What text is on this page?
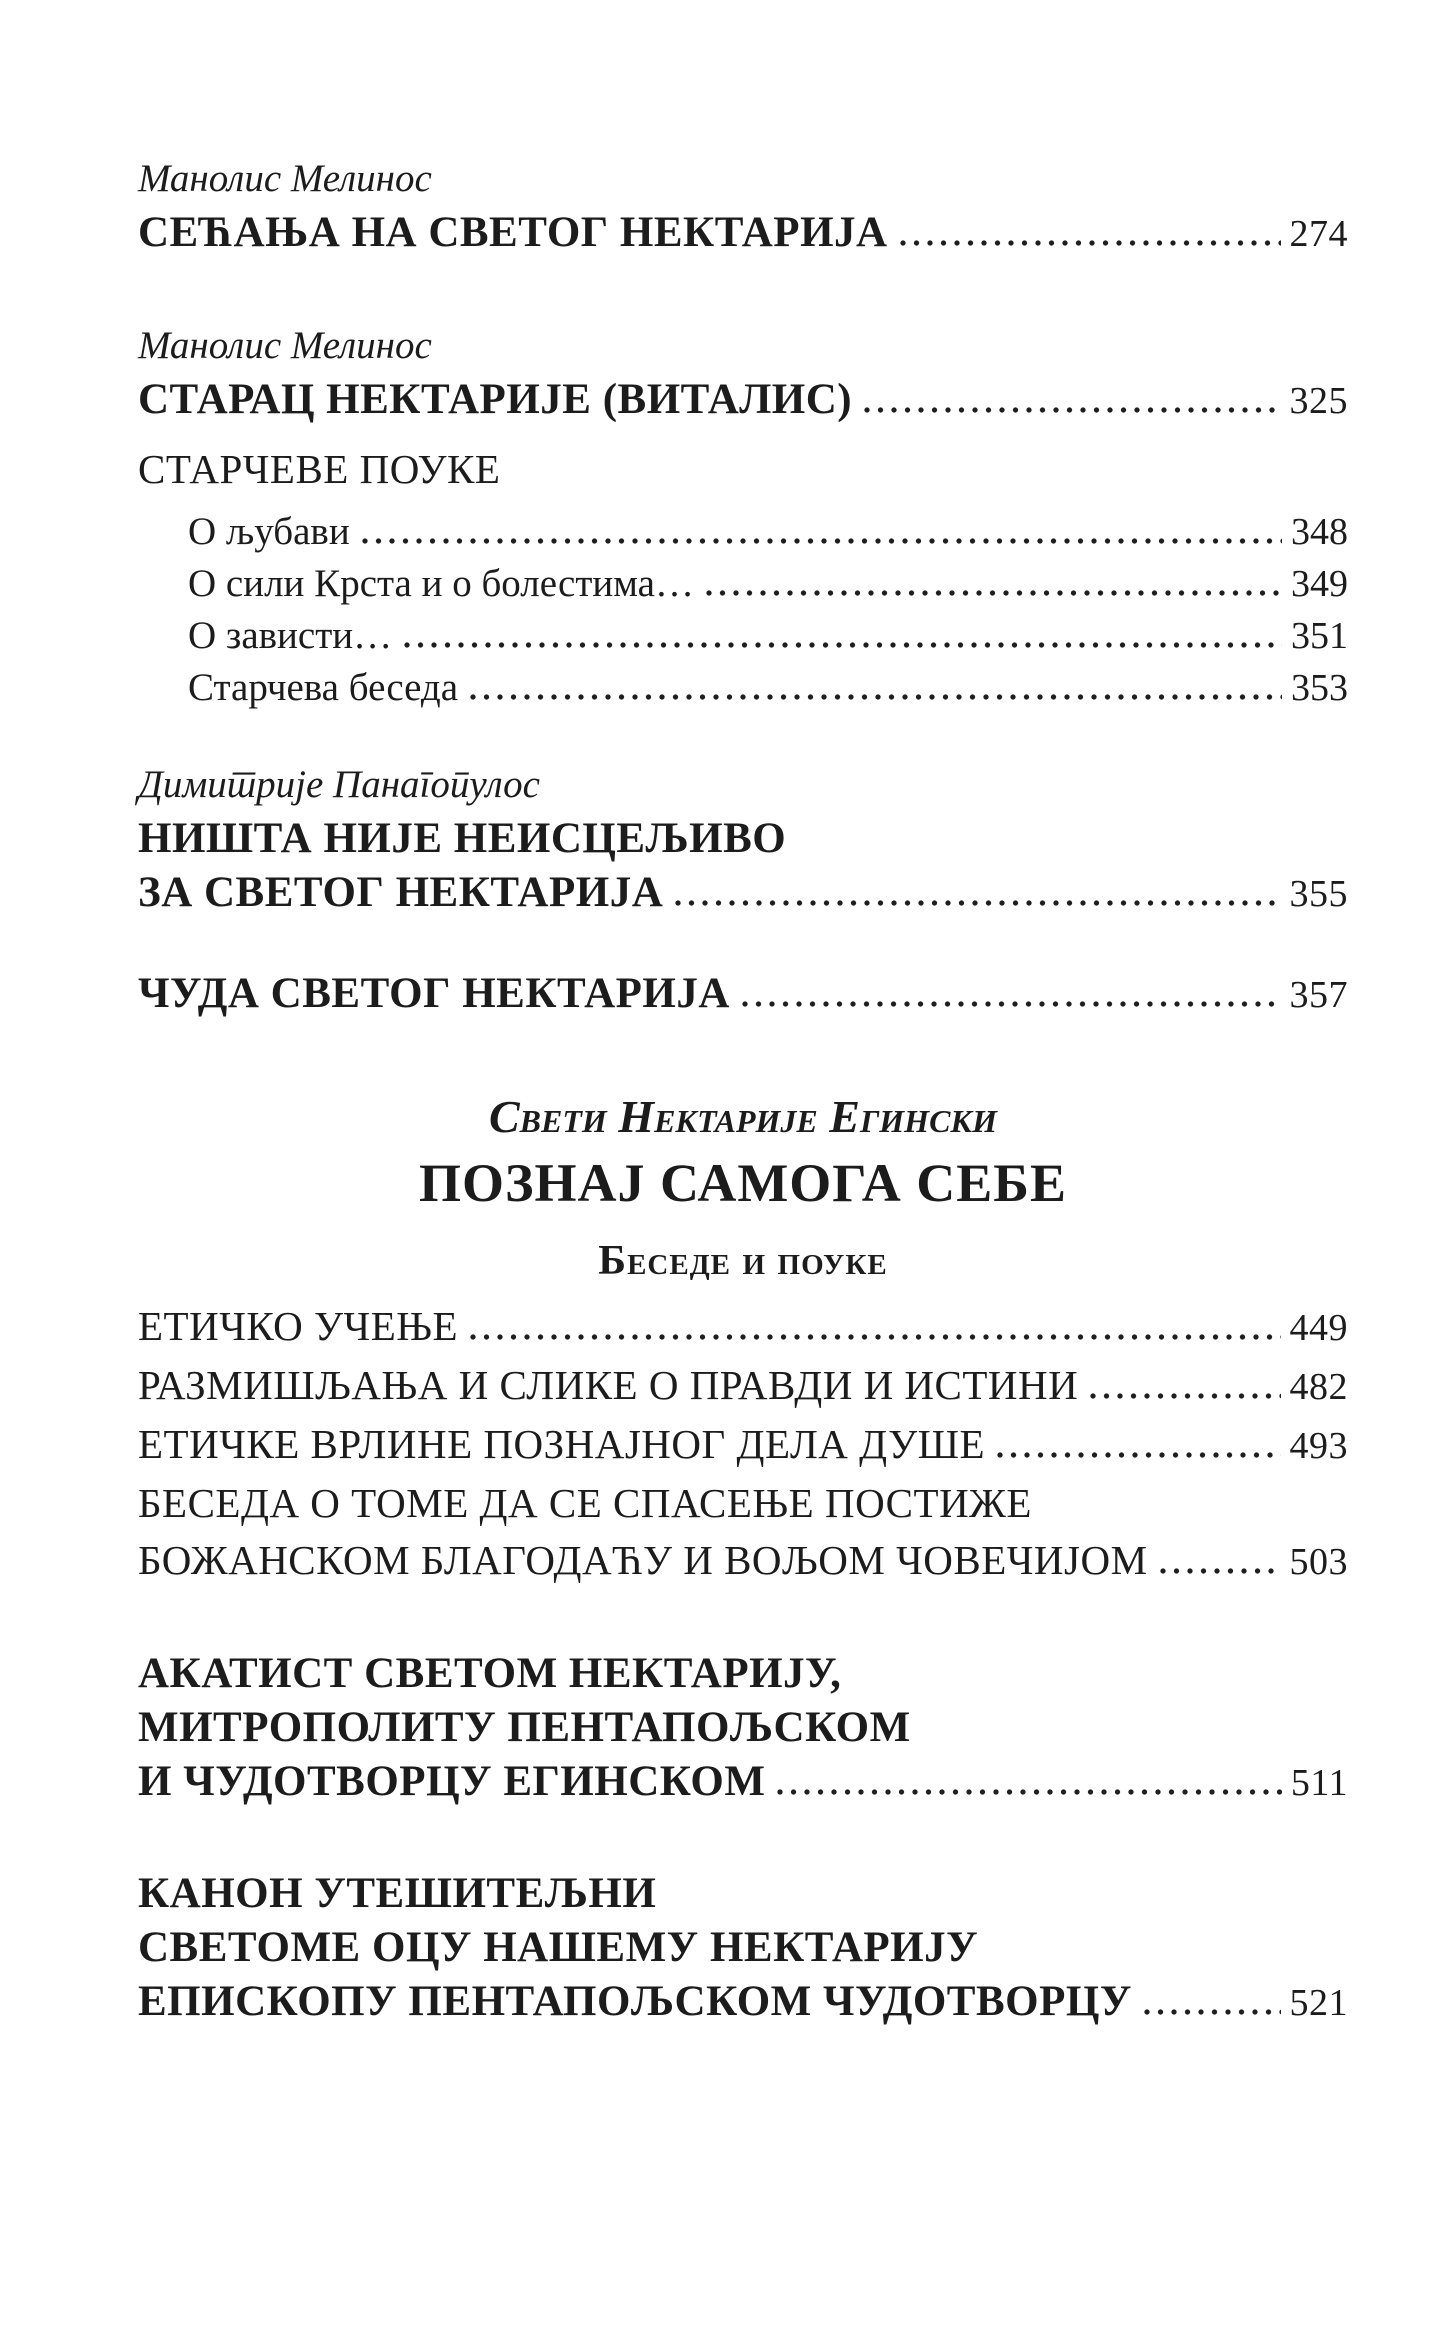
Манолис Мелинос
СЕЋАЊА НА СВЕТОГ НЕКТАРИЈА	274
Манолис Мелинос
СТАРАЦ НЕКТАРИЈЕ (ВИТАЛИС)	325
СТАРЧЕВЕ ПОУКЕ
О љубави	348
О сили Крста и о болестима…	349
О зависти…	351
Старчева беседа	353
Димитрије Панагопулос
НИШТА НИЈЕ НЕИСЦЕЉИВО
ЗА СВЕТОГ НЕКТАРИЈА	355
ЧУДА СВЕТОГ НЕКТАРИЈА	357
Свети Нектарије Егински
ПОЗНАЈ САМОГА СЕБЕ
Беседе и поуке
ЕТИЧКО УЧЕЊЕ	449
РАЗМИШЉАЊА И СЛИКЕ О ПРАВДИ И ИСТИНИ	482
ЕТИЧКЕ ВРЛИНЕ ПОЗНАЈНОГ ДЕЛА ДУШЕ	493
БЕСЕДА О ТОМЕ ДА СЕ СПАСЕЊЕ ПОСТИЖЕ
БОЖАНСКОМ БЛАГОДАЋУ И ВОЉОМ ЧОВЕЧИЈОМ	503
АКАТИСТ СВЕТОМ НЕКТАРИЈУ,
МИТРОПОЛИТУ ПЕНТАПОЉСКОМ
И ЧУДОТВОРЦУ ЕГИНСКОМ	511
КАНОН УТЕШИТЕЉНИ
СВЕТОМЕ ОЦУ НАШЕМУ НЕКТАРИЈУ
ЕПИСКОПУ ПЕНТАПОЉСКОМ ЧУДОТВОРЦУ	521
